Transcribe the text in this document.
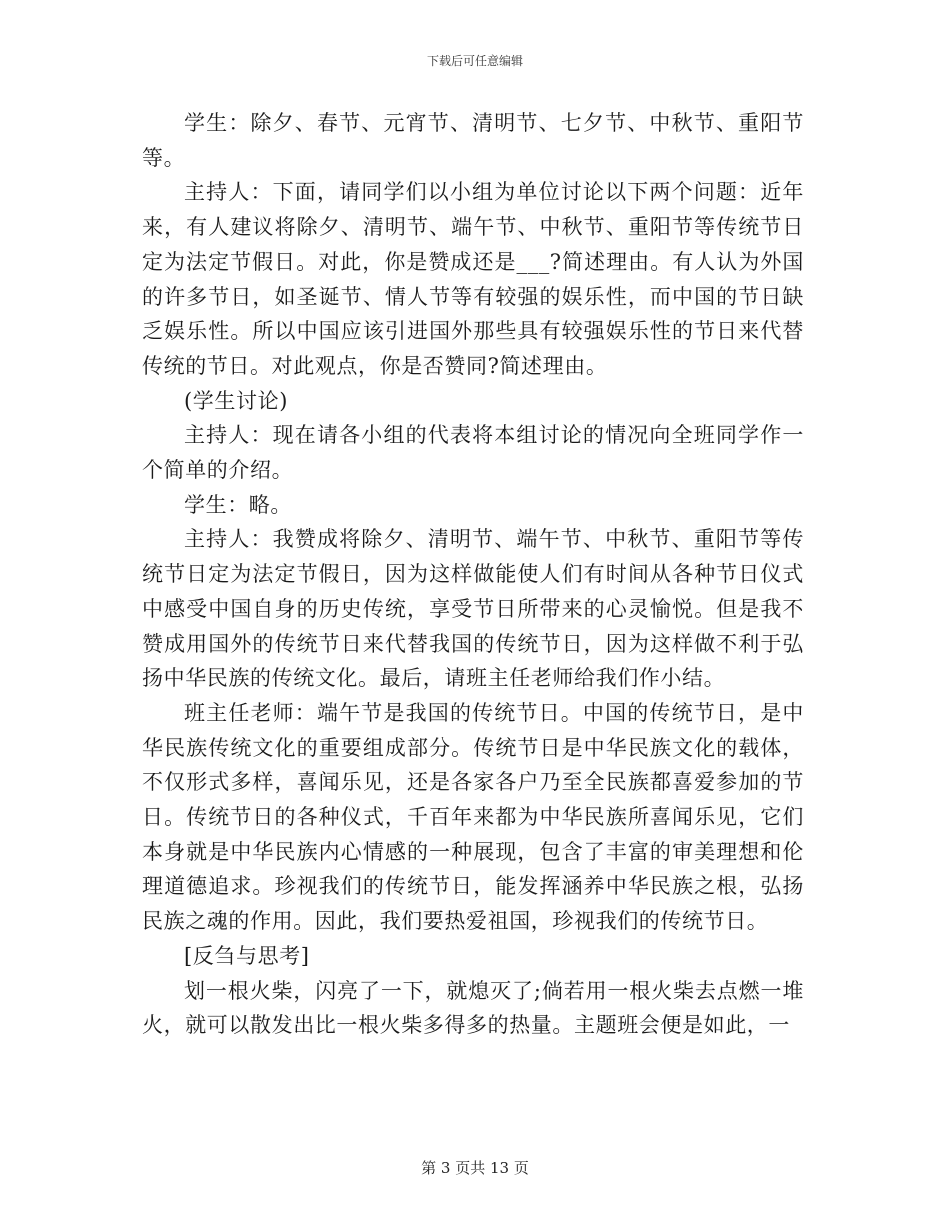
下载后可任意编辑

学生：除夕、春节、元宵节、清明节、七夕节、中秋节、重阳节等。

主持人：下面，请同学们以小组为单位讨论以下两个问题：近年来，有人建议将除夕、清明节、端午节、中秋节、重阳节等传统节日定为法定节假日。对此，你是赞成还是___?简述理由。有人认为外国的许多节日，如圣诞节、情人节等有较强的娱乐性，而中国的节日缺乏娱乐性。所以中国应该引进国外那些具有较强娱乐性的节日来代替传统的节日。对此观点，你是否赞同?简述理由。

(学生讨论)

主持人：现在请各小组的代表将本组讨论的情况向全班同学作一个简单的介绍。

学生：略。

主持人：我赞成将除夕、清明节、端午节、中秋节、重阳节等传统节日定为法定节假日，因为这样做能使人们有时间从各种节日仪式中感受中国自身的历史传统，享受节日所带来的心灵愉悦。但是我不赞成用国外的传统节日来代替我国的传统节日，因为这样做不利于弘扬中华民族的传统文化。最后，请班主任老师给我们作小结。

班主任老师：端午节是我国的传统节日。中国的传统节日，是中华民族传统文化的重要组成部分。传统节日是中华民族文化的载体，不仅形式多样，喜闻乐见，还是各家各户乃至全民族都喜爱参加的节日。传统节日的各种仪式，千百年来都为中华民族所喜闻乐见，它们本身就是中华民族内心情感的一种展现，包含了丰富的审美理想和伦理道德追求。珍视我们的传统节日，能发挥涵养中华民族之根，弘扬民族之魂的作用。因此，我们要热爱祖国，珍视我们的传统节日。

[反刍与思考]

划一根火柴，闪亮了一下，就熄灭了;倘若用一根火柴去点燃一堆火，就可以散发出比一根火柴多得多的热量。主题班会便是如此，一

第 3 页共 13 页
